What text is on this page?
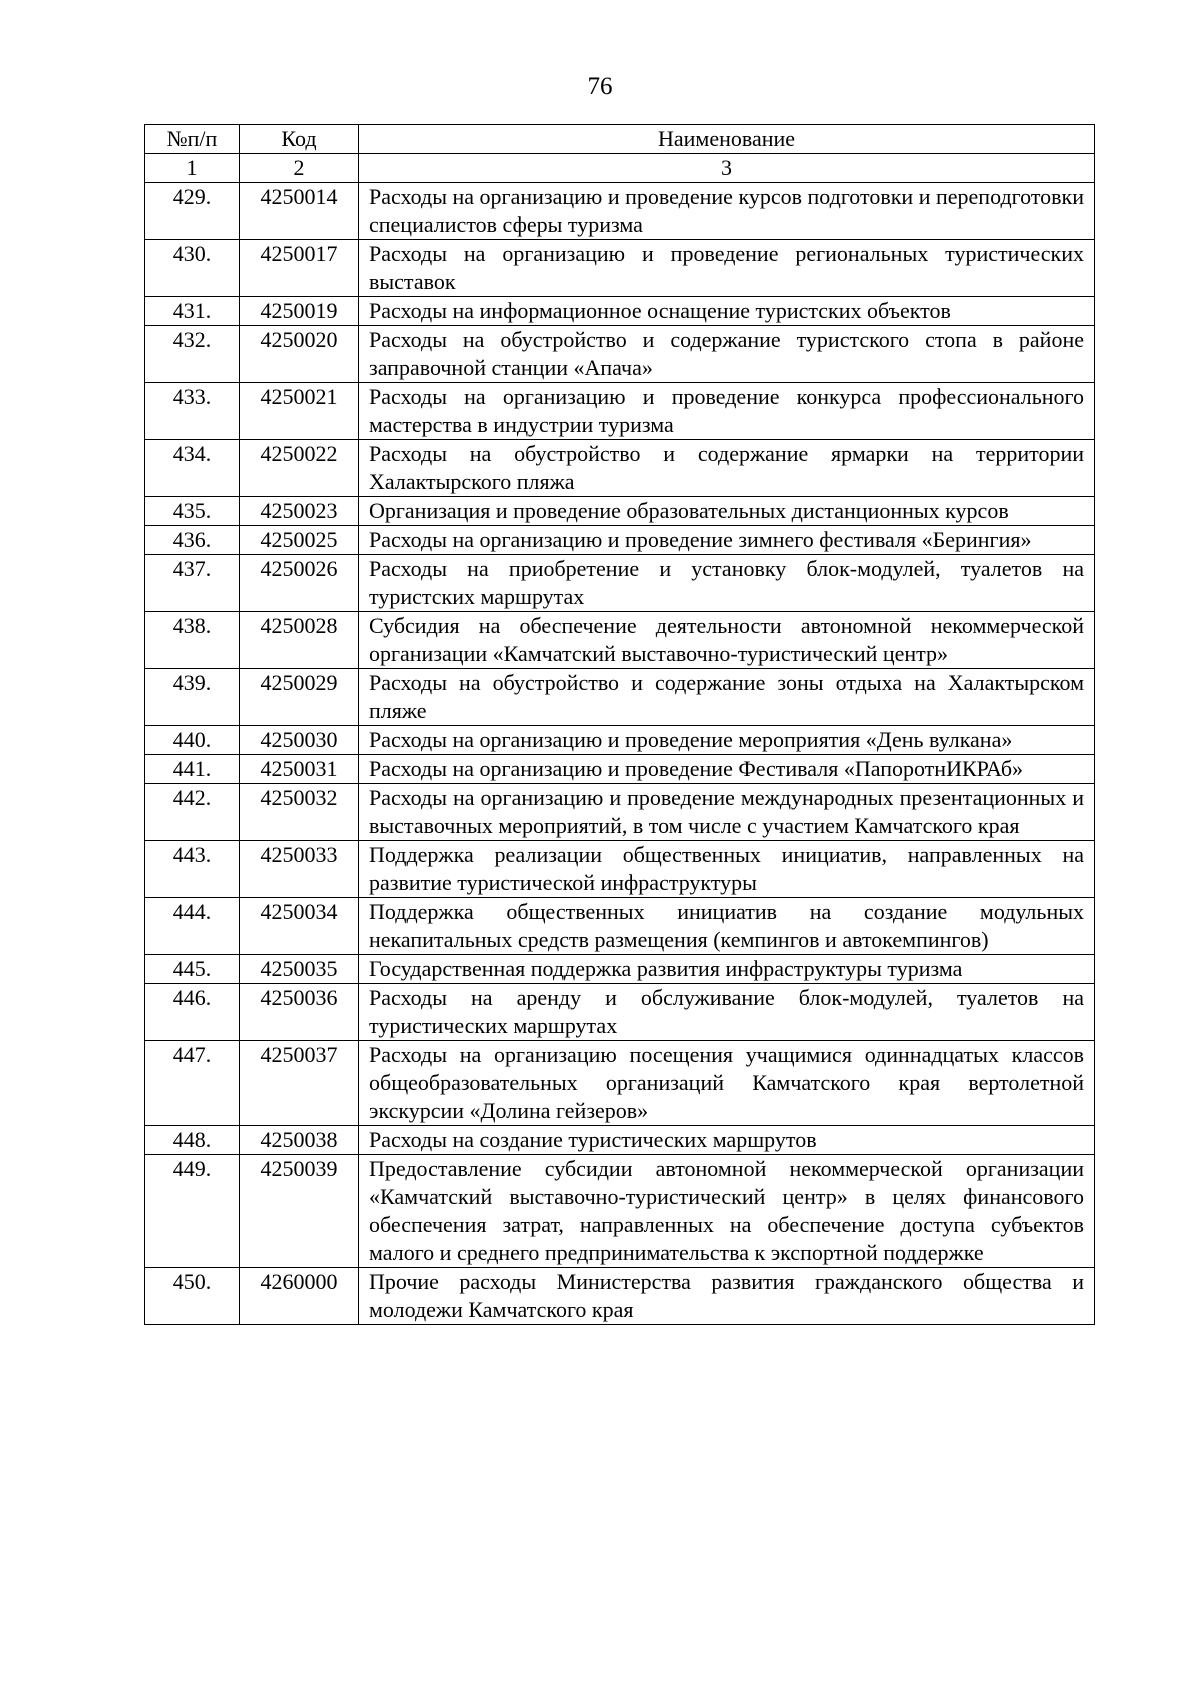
76
№п/п	Код	Наименование
1	2	3
429.	4250014	Расходы на организацию и проведение курсов подготовки и переподготовки специалистов сферы туризма
430.	4250017	Расходы на организацию и проведение региональных туристических выставок
431.	4250019	Расходы на информационное оснащение туристских объектов
432.	4250020	Расходы на обустройство и содержание туристского стопа в районе заправочной станции «Апача»
433.	4250021	Расходы на организацию и проведение конкурса профессионального мастерства в индустрии туризма
434.	4250022	Расходы на обустройство и содержание ярмарки на территории Халактырского пляжа
435.	4250023	Организация и проведение образовательных дистанционных курсов
436.	4250025	Расходы на организацию и проведение зимнего фестиваля «Берингия»
437.	4250026	Расходы на приобретение и установку блок-модулей, туалетов на туристских маршрутах
438.	4250028	Субсидия на обеспечение деятельности автономной некоммерческой организации «Камчатский выставочно-туристический центр»
439.	4250029	Расходы на обустройство и содержание зоны отдыха на Халактырском пляже
440.	4250030	Расходы на организацию и проведение мероприятия «День вулкана»
441.	4250031	Расходы на организацию и проведение Фестиваля «ПапоротнИКРАб»
442.	4250032	Расходы на организацию и проведение международных презентационных и выставочных мероприятий, в том числе с участием Камчатского края
443.	4250033	Поддержка реализации общественных инициатив, направленных на развитие туристической инфраструктуры
444.	4250034	Поддержка общественных инициатив на создание модульных некапитальных средств размещения (кемпингов и автокемпингов)
445.	4250035	Государственная поддержка развития инфраструктуры туризма
446.	4250036	Расходы на аренду и обслуживание блок-модулей, туалетов на туристических маршрутах
447.	4250037	Расходы на организацию посещения учащимися одиннадцатых классов общеобразовательных организаций Камчатского края вертолетной экскурсии «Долина гейзеров»
448.	4250038	Расходы на создание туристических маршрутов
449.	4250039	Предоставление субсидии автономной некоммерческой организации «Камчатский выставочно-туристический центр» в целях финансового обеспечения затрат, направленных на обеспечение доступа субъектов малого и среднего предпринимательства к экспортной поддержке
450.	4260000	Прочие расходы Министерства развития гражданского общества и молодежи Камчатского края
